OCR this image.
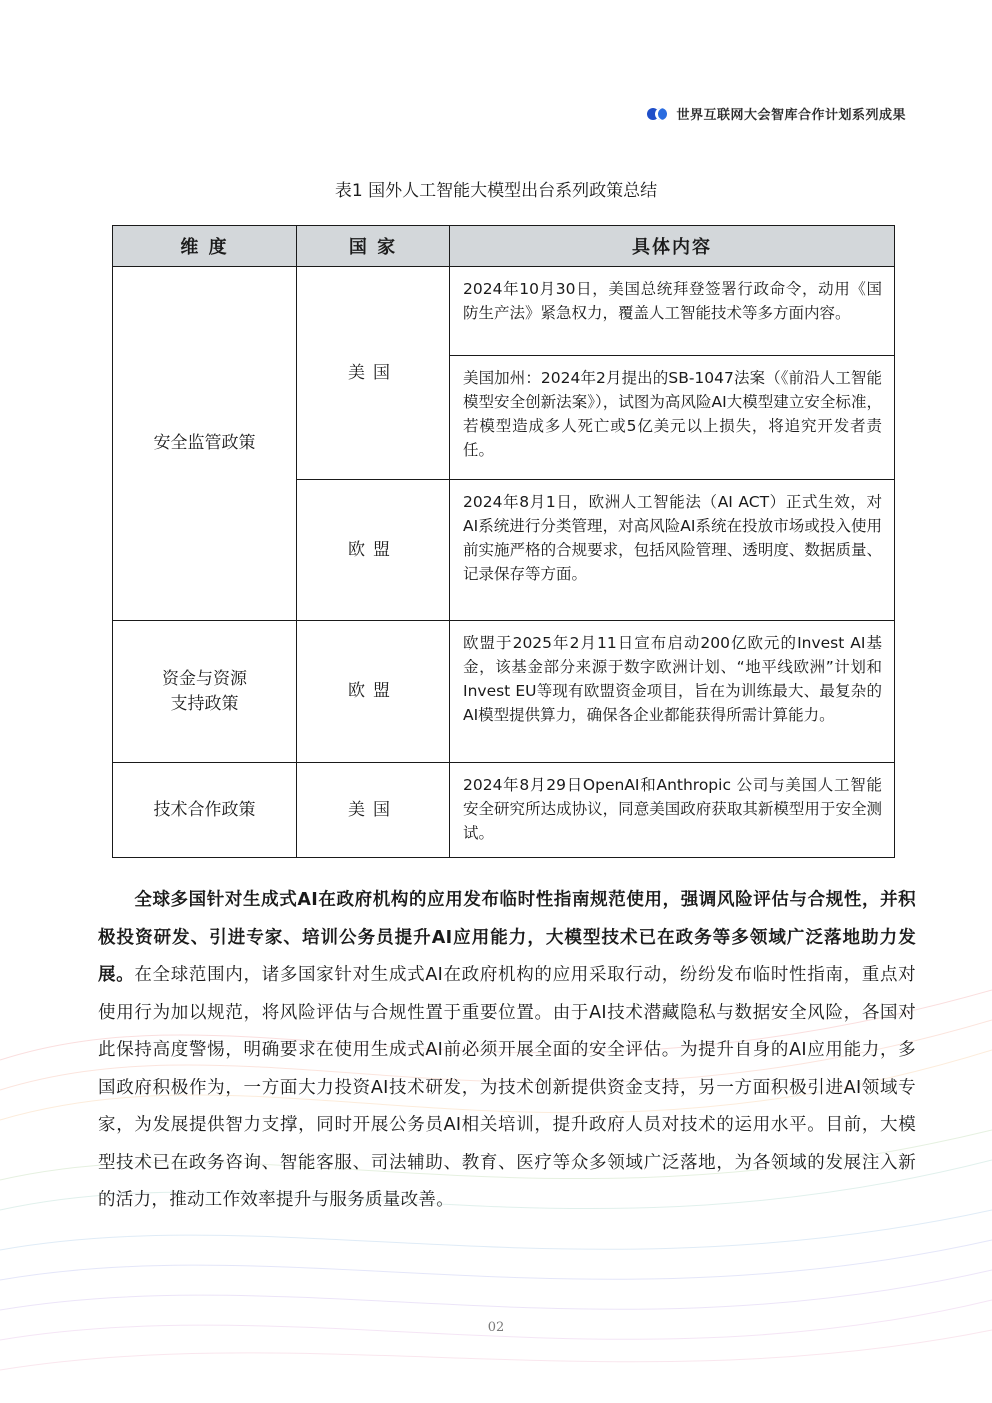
世界互联网大会智库合作计划系列成果
表1 国外人工智能大模型出台系列政策总结
维 度	国 家	具体内容
安全监管政策	美国	2024年10月30日，美国总统拜登签署行政命令，动用《国防生产法》紧急权力，覆盖人工智能技术等多方面内容。
		美国加州：2024年2月提出的SB-1047法案（《前沿人工智能模型安全创新法案》），试图为高风险AI大模型建立安全标准，若模型造成多人死亡或5亿美元以上损失，将追究开发者责任。
	欧盟	2024年8月1日，欧洲人工智能法（AI ACT）正式生效，对AI系统进行分类管理，对高风险AI系统在投放市场或投入使用前实施严格的合规要求，包括风险管理、透明度、数据质量、记录保存等方面。

资金与资源
支持政策	欧盟	欧盟于2025年2月11日宣布启动200亿欧元的Invest AI基金，该基金部分来源于数字欧洲计划、“地平线欧洲”计划和Invest EU等现有欧盟资金项目，旨在为训练最大、最复杂的AI模型提供算力，确保各企业都能获得所需计算能力。
技术合作政策	美国	2024年8月29日OpenAI和Anthropic 公司与美国人工智能安全研究所达成协议，同意美国政府获取其新模型用于安全测试。
全球多国针对生成式AI在政府机构的应用发布临时性指南规范使用，强调风险评估与合规性，并积极投资研发、引进专家、培训公务员提升AI应用能力，大模型技术已在政务等多领域广泛落地助力发展。在全球范围内，诸多国家针对生成式AI在政府机构的应用采取行动，纷纷发布临时性指南，重点对使用行为加以规范，将风险评估与合规性置于重要位置。由于AI技术潜藏隐私与数据安全风险，各国对此保持高度警惕，明确要求在使用生成式AI前必须开展全面的安全评估。为提升自身的AI应用能力，多国政府积极作为，一方面大力投资AI技术研发，为技术创新提供资金支持，另一方面积极引进AI领域专家，为发展提供智力支撑，同时开展公务员AI相关培训，提升政府人员对技术的运用水平。目前，大模型技术已在政务咨询、智能客服、司法辅助、教育、医疗等众多领域广泛落地，为各领域的发展注入新的活力，推动工作效率提升与服务质量改善。
02
